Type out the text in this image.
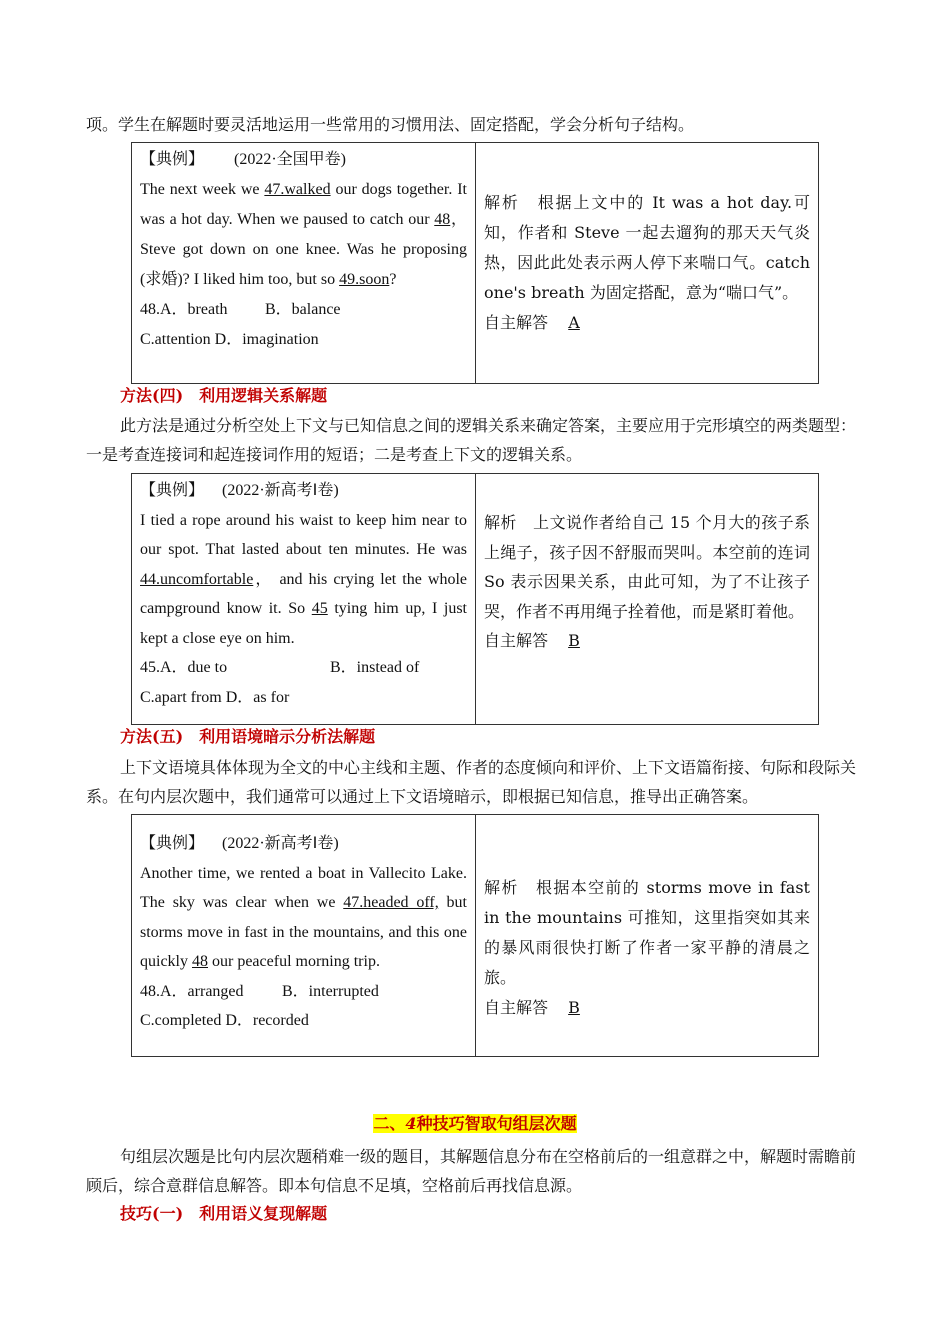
项。学生在解题时要灵活地运用一些常用的习惯用法、固定搭配，学会分析句子结构。

【典例】 (2022·全国甲卷)
The next week we 47.walked our dogs together. It was a hot day. When we paused to catch our 48， Steve got down on one knee. Was he proposing (求婚)? I liked him too, but so 49.soon?
48.A．breath	B．balance
C.attention D．imagination
解析　根据上文中的 It was a hot day.可知，作者和 Steve 一起去遛狗的那天天气炎热，因此此处表示两人停下来喘口气。catch one's breath 为固定搭配，意为“喘口气”。
自主解答 A

方法(四) 利用逻辑关系解题

此方法是通过分析空处上下文与已知信息之间的逻辑关系来确定答案，主要应用于完形填空的两类题型：一是考查连接词和起连接词作用的短语；二是考查上下文的逻辑关系。

【典例】 (2022·新高考Ⅰ卷)
I tied a rope around his waist to keep him near to our spot. That lasted about ten minutes. He was 44.uncomfortable， and his crying let the whole campground know it. So 45 tying him up, I just kept a close eye on him.
45.A．due to	B．instead of
C.apart from D．as for
解析　上文说作者给自己 15 个月大的孩子系上绳子，孩子因不舒服而哭叫。本空前的连词 So 表示因果关系，由此可知，为了不让孩子哭，作者不再用绳子拴着他，而是紧盯着他。
自主解答 B

方法(五) 利用语境暗示分析法解题

上下文语境具体体现为全文的中心主线和主题、作者的态度倾向和评价、上下文语篇衔接、句际和段际关系。在句内层次题中，我们通常可以通过上下文语境暗示，即根据已知信息，推导出正确答案。

【典例】 (2022·新高考Ⅰ卷)
Another time, we rented a boat in Vallecito Lake. The sky was clear when we 47.headed off, but storms move in fast in the mountains, and this one quickly 48 our peaceful morning trip.
48.A．arranged	B．interrupted
C.completed D．recorded
解析　根据本空前的 storms move in fast in the mountains 可推知，这里指突如其来的暴风雨很快打断了作者一家平静的清晨之旅。
自主解答 B
二、4种技巧智取句组层次题

句组层次题是比句内层次题稍难一级的题目，其解题信息分布在空格前后的一组意群之中，解题时需瞻前顾后，综合意群信息解答。即本句信息不足填，空格前后再找信息源。

技巧(一) 利用语义复现解题
